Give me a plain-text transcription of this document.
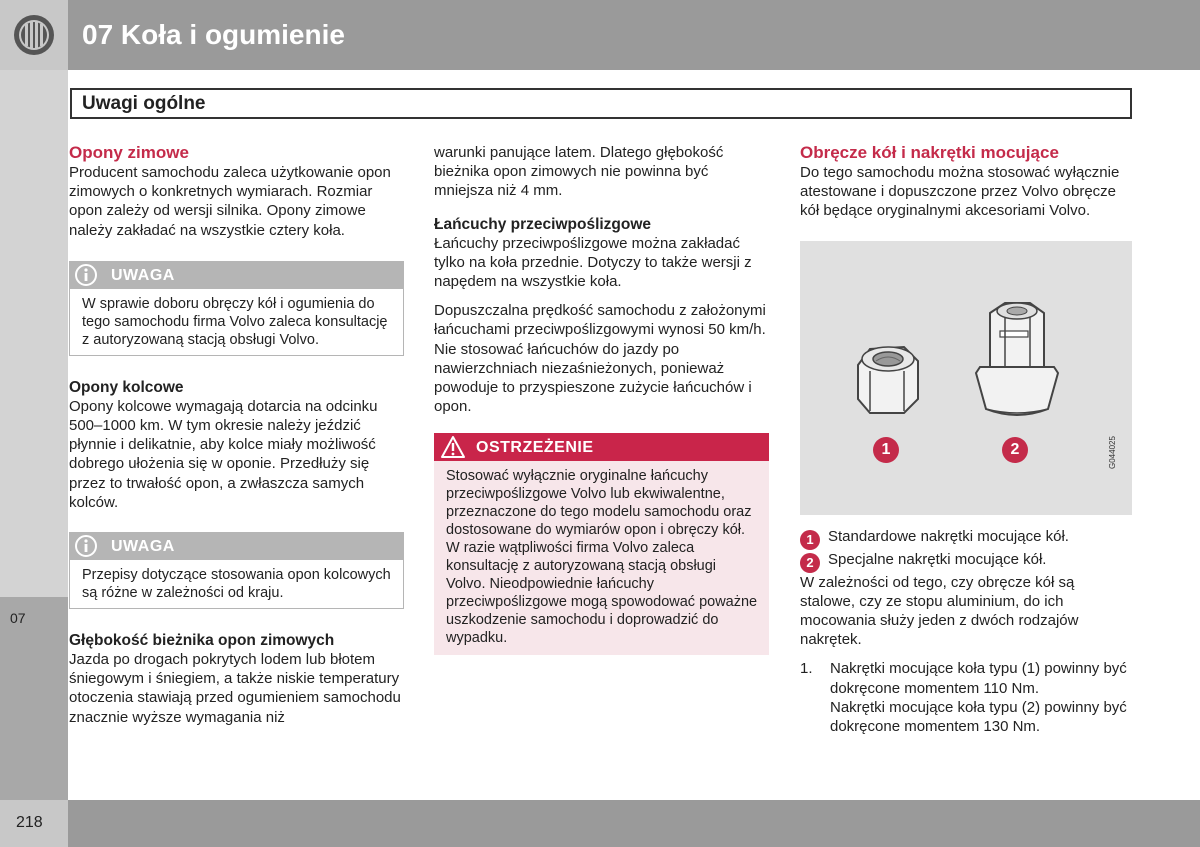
07 Koła i ogumienie
07
Uwagi ogólne

Opony zimowe

Producent samochodu zaleca użytkowanie opon zimowych o konkretnych wymiarach. Rozmiar opon zależy od wersji silnika. Opony zimowe należy zakładać na wszystkie cztery koła.

UWAGA
W sprawie doboru obręczy kół i ogumienia do tego samochodu firma Volvo zaleca konsultację z autoryzowaną stacją obsługi Volvo.

Opony kolcowe

Opony kolcowe wymagają dotarcia na odcinku 500–1000 km. W tym okresie należy jeździć płynnie i delikatnie, aby kolce miały możliwość dobrego ułożenia się w oponie. Przedłuży się przez to trwałość opon, a zwłaszcza samych kolców.

UWAGA
Przepisy dotyczące stosowania opon kolcowych są różne w zależności od kraju.

Głębokość bieżnika opon zimowych

Jazda po drogach pokrytych lodem lub błotem śniegowym i śniegiem, a także niskie temperatury otoczenia stawiają przed ogumieniem samochodu znacznie wyższe wymagania niż

warunki panujące latem. Dlatego głębokość bieżnika opon zimowych nie powinna być mniejsza niż 4 mm.

Łańcuchy przeciwpoślizgowe

Łańcuchy przeciwpoślizgowe można zakładać tylko na koła przednie. Dotyczy to także wersji z napędem na wszystkie koła.

Dopuszczalna prędkość samochodu z założonymi łańcuchami przeciwpoślizgowymi wynosi 50 km/h. Nie stosować łańcuchów do jazdy po nawierzchniach niezaśnieżonych, ponieważ powoduje to przyspieszone zużycie łańcuchów i opon.

OSTRZEŻENIE
Stosować wyłącznie oryginalne łańcuchy przeciwpoślizgowe Volvo lub ekwiwalentne, przeznaczone do tego modelu samochodu oraz dostosowane do wymiarów opon i obręczy kół. W razie wątpliwości firma Volvo zaleca konsultację z autoryzowaną stacją obsługi Volvo. Nieodpowiednie łańcuchy przeciwpoślizgowe mogą spowodować poważne uszkodzenie samochodu i doprowadzić do wypadku.

Obręcze kół i nakrętki mocujące

Do tego samochodu można stosować wyłącznie atestowane i dopuszczone przez Volvo obręcze kół będące oryginalnymi akcesoriami Volvo.

1	2	G044025

1 Standardowe nakrętki mocujące kół.

2 Specjalne nakrętki mocujące kół.

W zależności od tego, czy obręcze kół są stalowe, czy ze stopu aluminium, do ich mocowania służy jeden z dwóch rodzajów nakrętek.

1. Nakrętki mocujące koła typu (1) powinny być dokręcone momentem 110 Nm.
Nakrętki mocujące koła typu (2) powinny być dokręcone momentem 130 Nm.
218
